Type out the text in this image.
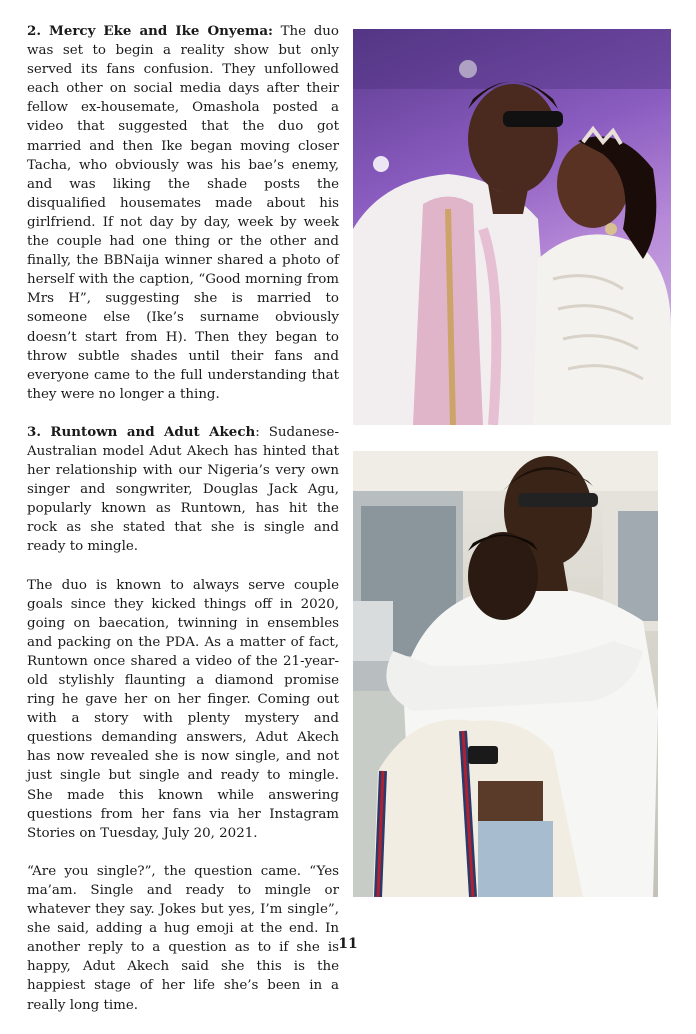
2. Mercy Eke and Ike Onyema: The duo was set to begin a reality show but only served its fans confusion. They unfollowed each other on social media days after their fellow ex-housemate, Omashola posted a video that suggested that the duo got married and then Ike began moving closer Tacha, who obviously was his bae’s enemy, and was liking the shade posts the disqualified housemates made about his girlfriend. If not day by day, week by week the couple had one thing or the other and finally, the BBNaija winner shared a photo of herself with the caption, “Good morning from Mrs H”, suggesting she is married to someone else (Ike’s surname obviously doesn’t start from H). Then they began to throw subtle shades until their fans and everyone came to the full understanding that they were no longer a thing.

3. Runtown and Adut Akech: Sudanese-Australian model Adut Akech has hinted that her relationship with our Nigeria’s very own singer and songwriter, Douglas Jack Agu, popularly known as Runtown, has hit the rock as she stated that she is single and ready to mingle.

The duo is known to always serve couple goals since they kicked things off in 2020, going on baecation, twinning in ensembles and packing on the PDA. As a matter of fact, Runtown once shared a video of the 21-year-old stylishly flaunting a diamond promise ring he gave her on her finger. Coming out with a story with plenty mystery and questions demanding answers, Adut Akech has now revealed she is now single, and not just single but single and ready to mingle. She made this known while answering questions from her fans via her Instagram Stories on Tuesday, July 20, 2021.

“Are you single?”, the question came. “Yes ma’am. Single and ready to mingle or whatever they say. Jokes but yes, I’m single”, she said, adding a hug emoji at the end. In another reply to a question as to if she is happy, Adut Akech said she this is the happiest stage of her life she’s been in a really long time.

11
